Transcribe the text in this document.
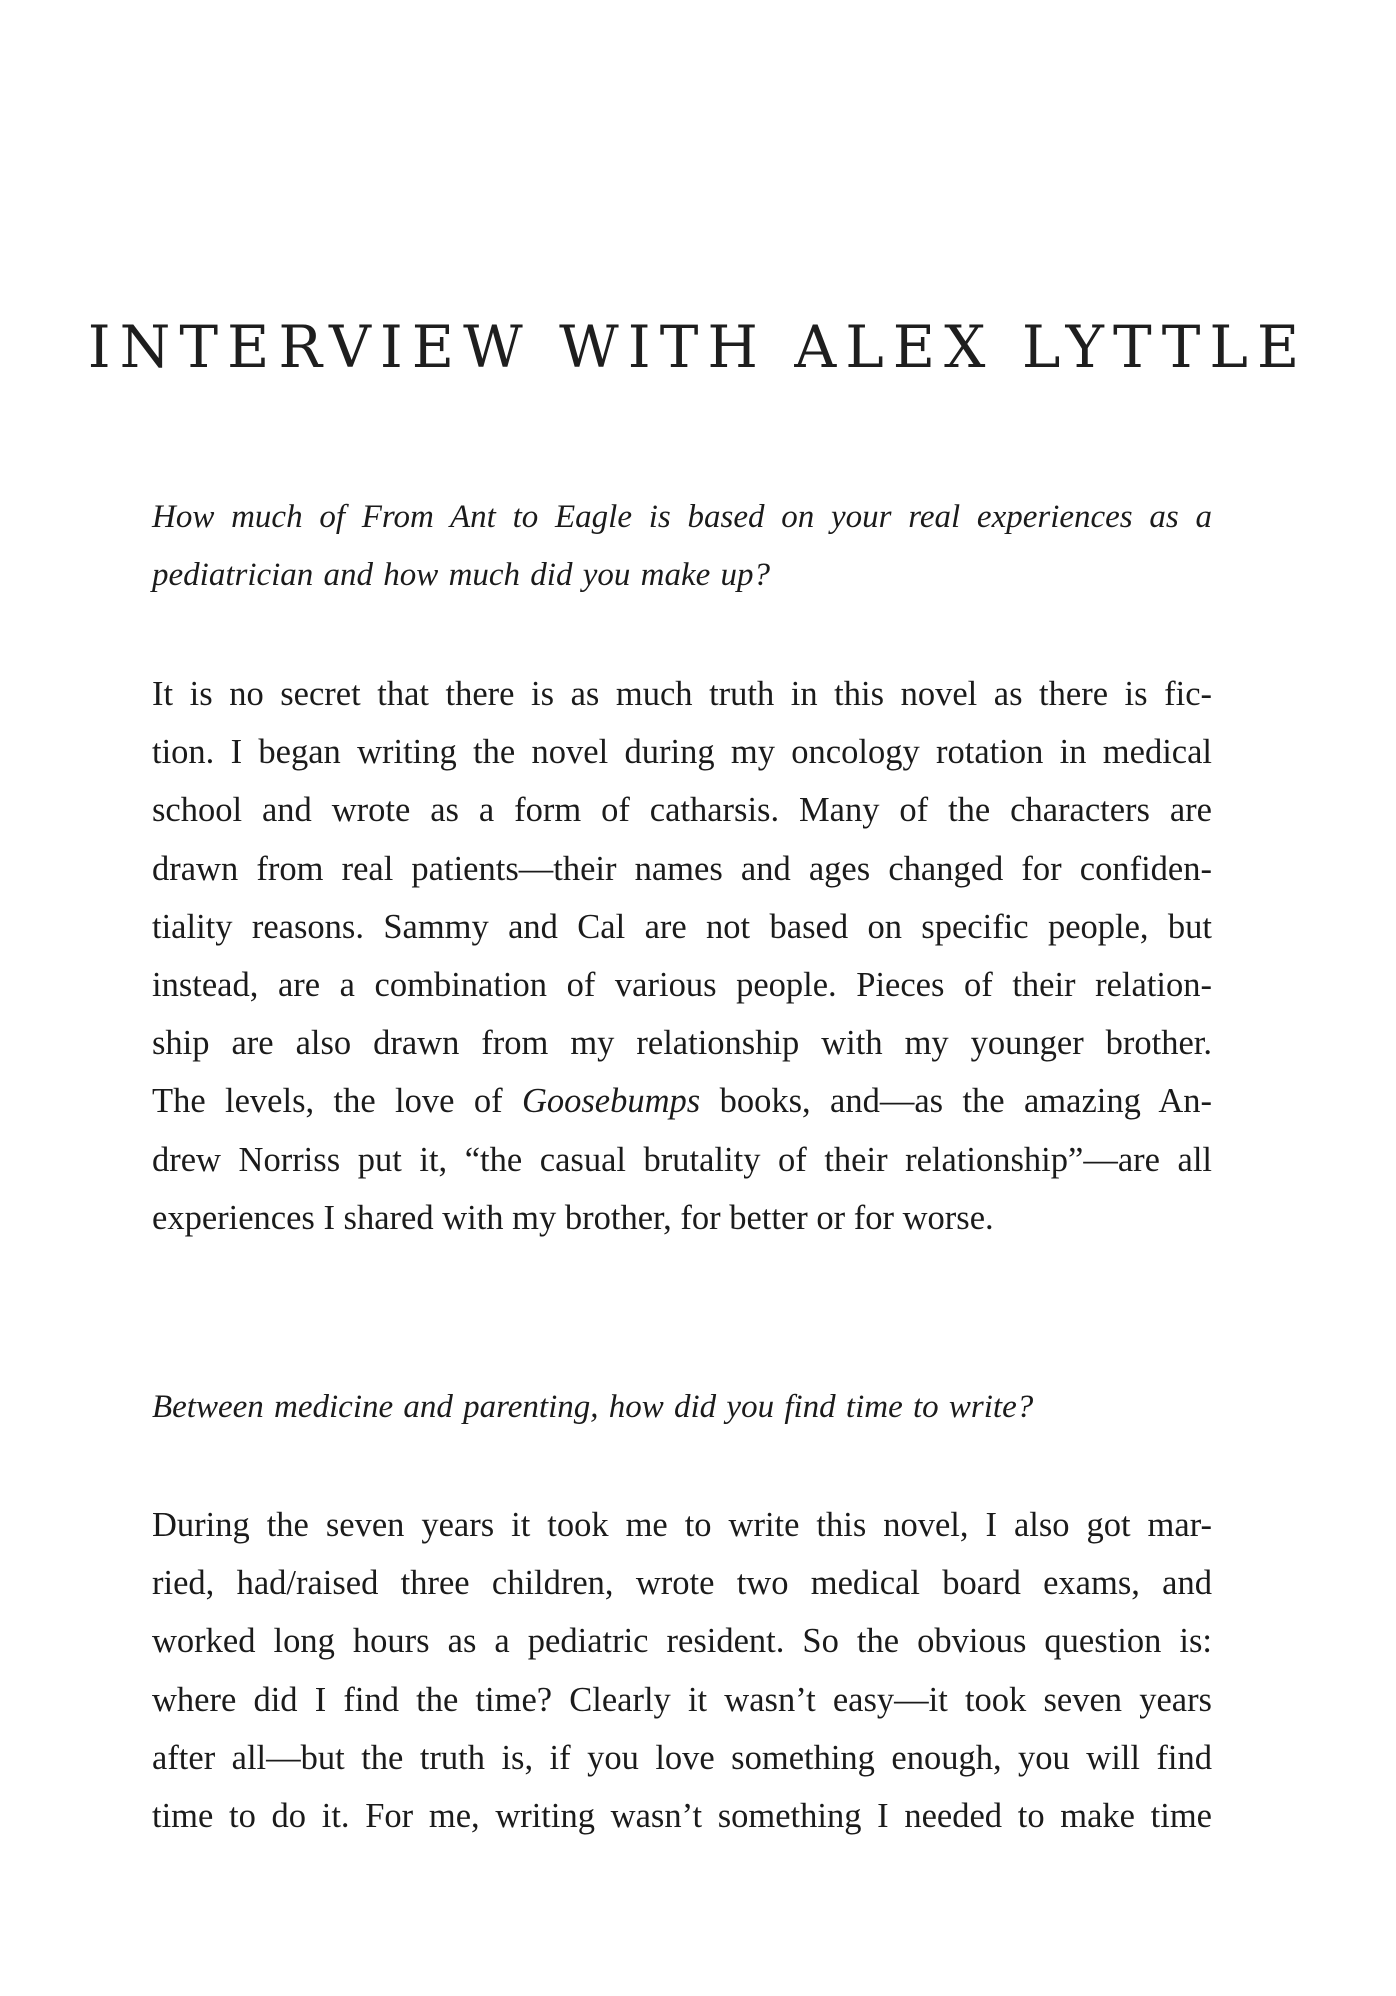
INTERVIEW WITH ALEX LYTTLE
How much of From Ant to Eagle is based on your real experiences as a
pediatrician and how much did you make up?
It is no secret that there is as much truth in this novel as there is fic-
tion. I began writing the novel during my oncology rotation in medical
school and wrote as a form of catharsis. Many of the characters are
drawn from real patients—their names and ages changed for confiden-
tiality reasons. Sammy and Cal are not based on specific people, but
instead, are a combination of various people. Pieces of their relation-
ship are also drawn from my relationship with my younger brother.
The levels, the love of Goosebumps books, and—as the amazing An-
drew Norriss put it, “the casual brutality of their relationship”—are all
experiences I shared with my brother, for better or for worse.
Between medicine and parenting, how did you find time to write?
During the seven years it took me to write this novel, I also got mar-
ried, had/raised three children, wrote two medical board exams, and
worked long hours as a pediatric resident. So the obvious question is:
where did I find the time? Clearly it wasn’t easy—it took seven years
after all—but the truth is, if you love something enough, you will find
time to do it. For me, writing wasn’t something I needed to make time
